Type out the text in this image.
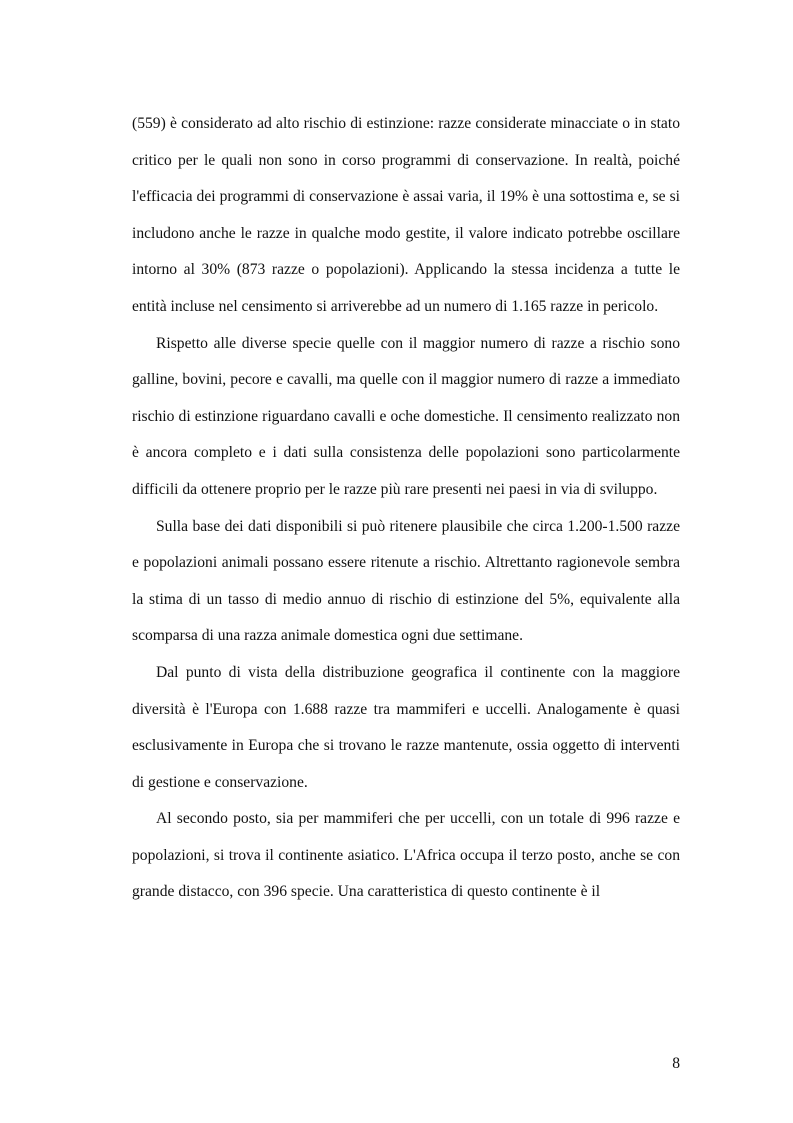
(559) è considerato ad alto rischio di estinzione: razze considerate minacciate o in stato critico per le quali non sono in corso programmi di conservazione. In realtà, poiché l'efficacia dei programmi di conservazione è assai varia, il 19% è una sottostima e, se si includono anche le razze in qualche modo gestite, il valore indicato potrebbe oscillare intorno al 30% (873 razze o popolazioni). Applicando la stessa incidenza a tutte le entità incluse nel censimento si arriverebbe ad un numero di 1.165 razze in pericolo.

Rispetto alle diverse specie quelle con il maggior numero di razze a rischio sono galline, bovini, pecore e cavalli, ma quelle con il maggior numero di razze a immediato rischio di estinzione riguardano cavalli e oche domestiche. Il censimento realizzato non è ancora completo e i dati sulla consistenza delle popolazioni sono particolarmente difficili da ottenere proprio per le razze più rare presenti nei paesi in via di sviluppo.

Sulla base dei dati disponibili si può ritenere plausibile che circa 1.200-1.500 razze e popolazioni animali possano essere ritenute a rischio. Altrettanto ragionevole sembra la stima di un tasso di medio annuo di rischio di estinzione del 5%, equivalente alla scomparsa di una razza animale domestica ogni due settimane.

Dal punto di vista della distribuzione geografica il continente con la maggiore diversità è l'Europa con 1.688 razze tra mammiferi e uccelli. Analogamente è quasi esclusivamente in Europa che si trovano le razze mantenute, ossia oggetto di interventi di gestione e conservazione.

Al secondo posto, sia per mammiferi che per uccelli, con un totale di 996 razze e popolazioni, si trova il continente asiatico. L'Africa occupa il terzo posto, anche se con grande distacco, con 396 specie. Una caratteristica di questo continente è il

8
